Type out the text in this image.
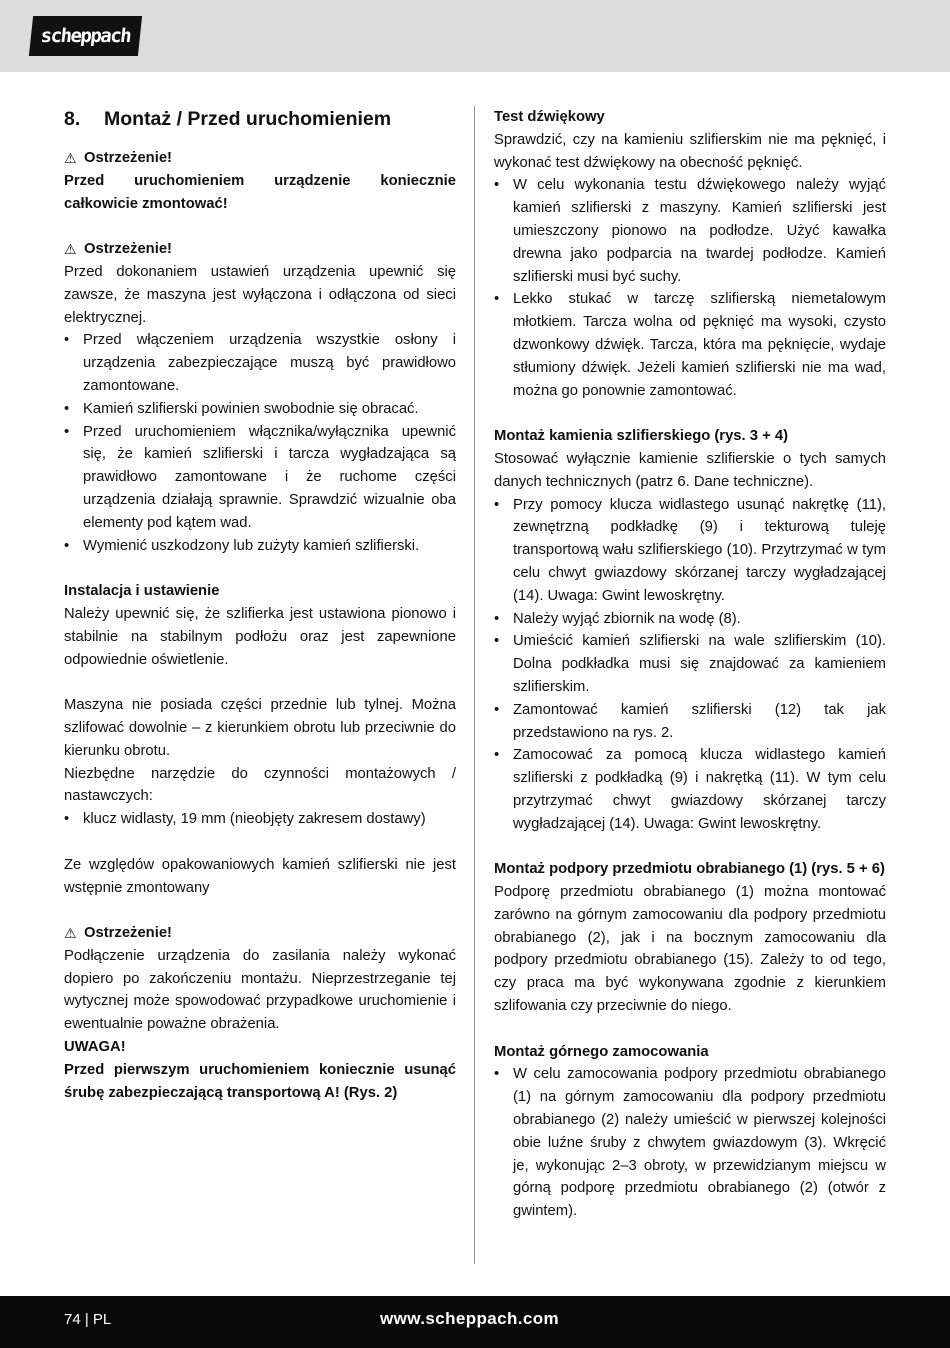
scheppach
8.	Montaż / Przed uruchomieniem
⚠ Ostrzeżenie!

Przed uruchomieniem urządzenie koniecznie całkowicie zmontować!

⚠ Ostrzeżenie!

Przed dokonaniem ustawień urządzenia upewnić się zawsze, że maszyna jest wyłączona i odłączona od sieci elektrycznej.

• Przed włączeniem urządzenia wszystkie osłony i urządzenia zabezpieczające muszą być prawidłowo zamontowane.
• Kamień szlifierski powinien swobodnie się obracać.
• Przed uruchomieniem włącznika/wyłącznika upewnić się, że kamień szlifierski i tarcza wygładzająca są prawidłowo zamontowane i że ruchome części urządzenia działają sprawnie. Sprawdzić wizualnie oba elementy pod kątem wad.
• Wymienić uszkodzony lub zużyty kamień szlifierski.
Instalacja i ustawienie

Należy upewnić się, że szlifierka jest ustawiona pionowo i stabilnie na stabilnym podłożu oraz jest zapewnione odpowiednie oświetlenie.

Maszyna nie posiada części przednie lub tylnej. Można szlifować dowolnie – z kierunkiem obrotu lub przeciwnie do kierunku obrotu.

Niezbędne narzędzie do czynności montażowych / nastawczych:

• klucz widlasty, 19 mm (nieobjęty zakresem dostawy)

Ze względów opakowaniowych kamień szlifierski nie jest wstępnie zmontowany

⚠ Ostrzeżenie!

Podłączenie urządzenia do zasilania należy wykonać dopiero po zakończeniu montażu. Nieprzestrzeganie tej wytycznej może spowodować przypadkowe uruchomienie i ewentualnie poważne obrażenia.

UWAGA!

Przed pierwszym uruchomieniem koniecznie usunąć śrubę zabezpieczającą transportową A! (Rys. 2)

Test dźwiękowy

Sprawdzić, czy na kamieniu szlifierskim nie ma pęknięć, i wykonać test dźwiękowy na obecność pęknięć.

• W celu wykonania testu dźwiękowego należy wyjąć kamień szlifierski z maszyny. Kamień szlifierski jest umieszczony pionowo na podłodze. Użyć kawałka drewna jako podparcia na twardej podłodze. Kamień szlifierski musi być suchy.
• Lekko stukać w tarczę szlifierską niemetalowym młotkiem. Tarcza wolna od pęknięć ma wysoki, czysto dzwonkowy dźwięk. Tarcza, która ma pęknięcie, wydaje stłumiony dźwięk. Jeżeli kamień szlifierski nie ma wad, można go ponownie zamontować.
Montaż kamienia szlifierskiego (rys. 3 + 4)

Stosować wyłącznie kamienie szlifierskie o tych samych danych technicznych (patrz 6. Dane techniczne).

• Przy pomocy klucza widlastego usunąć nakrętkę (11), zewnętrzną podkładkę (9) i tekturową tuleję transportową wału szlifierskiego (10). Przytrzymać w tym celu chwyt gwiazdowy skórzanej tarczy wygładzającej (14). Uwaga: Gwint lewoskrętny.
• Należy wyjąć zbiornik na wodę (8).
• Umieścić kamień szlifierski na wale szlifierskim (10). Dolna podkładka musi się znajdować za kamieniem szlifierskim.
• Zamontować kamień szlifierski (12) tak jak przedstawiono na rys. 2.
• Zamocować za pomocą klucza widlastego kamień szlifierski z podkładką (9) i nakrętką (11). W tym celu przytrzymać chwyt gwiazdowy skórzanej tarczy wygładzającej (14). Uwaga: Gwint lewoskrętny.
Montaż podpory przedmiotu obrabianego (1) (rys. 5 + 6)

Podporę przedmiotu obrabianego (1) można montować zarówno na górnym zamocowaniu dla podpory przedmiotu obrabianego (2), jak i na bocznym zamocowaniu dla podpory przedmiotu obrabianego (15). Zależy to od tego, czy praca ma być wykonywana zgodnie z kierunkiem szlifowania czy przeciwnie do niego.

Montaż górnego zamocowania
• W celu zamocowania podpory przedmiotu obrabianego (1) na górnym zamocowaniu dla podpory przedmiotu obrabianego (2) należy umieścić w pierwszej kolejności obie luźne śruby z chwytem gwiazdowym (3). Wkręcić je, wykonując 2–3 obroty, w przewidzianym miejscu w górną podporę przedmiotu obrabianego (2) (otwór z gwintem).
74 | PL	www.scheppach.com
